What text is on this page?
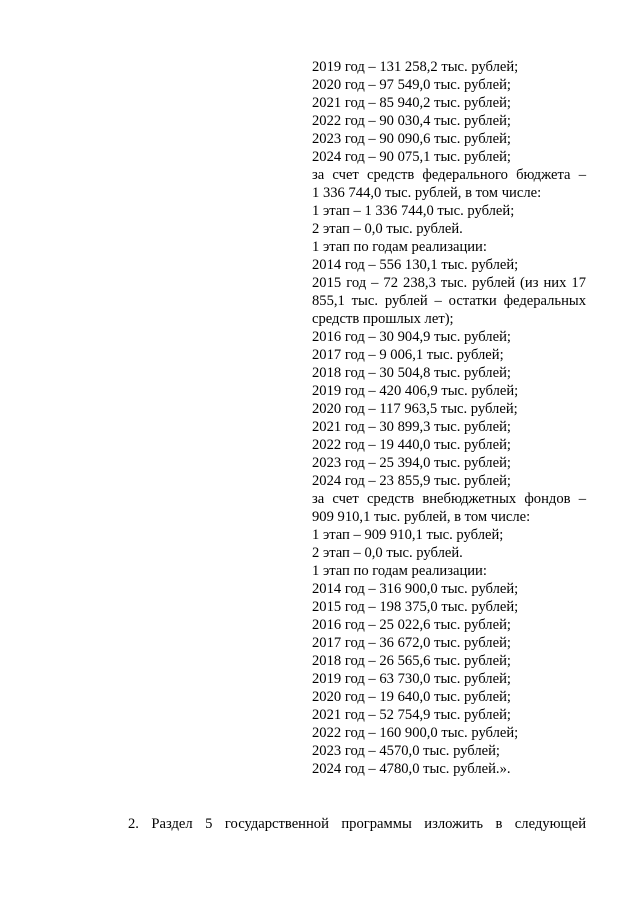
2019 год – 131 258,2 тыс. рублей;
2020 год – 97 549,0 тыс. рублей;
2021 год – 85 940,2 тыс. рублей;
2022 год – 90 030,4 тыс. рублей;
2023 год – 90 090,6 тыс. рублей;
2024 год – 90 075,1 тыс. рублей;
за счет средств федерального бюджета –
1 336 744,0 тыс. рублей, в том числе:
1 этап – 1 336 744,0 тыс. рублей;
2 этап – 0,0 тыс. рублей.
1 этап по годам реализации:
2014 год – 556 130,1 тыс. рублей;
2015 год – 72 238,3 тыс. рублей (из них 17
855,1 тыс. рублей – остатки федеральных
средств прошлых лет);
2016 год – 30 904,9 тыс. рублей;
2017 год – 9 006,1 тыс. рублей;
2018 год – 30 504,8 тыс. рублей;
2019 год – 420 406,9 тыс. рублей;
2020 год – 117 963,5 тыс. рублей;
2021 год – 30 899,3 тыс. рублей;
2022 год – 19 440,0 тыс. рублей;
2023 год – 25 394,0 тыс. рублей;
2024 год – 23 855,9 тыс. рублей;
за счет средств внебюджетных фондов –
909 910,1 тыс. рублей, в том числе:
1 этап – 909 910,1 тыс. рублей;
2 этап – 0,0 тыс. рублей.
1 этап по годам реализации:
2014 год – 316 900,0 тыс. рублей;
2015 год – 198 375,0 тыс. рублей;
2016 год – 25 022,6 тыс. рублей;
2017 год – 36 672,0 тыс. рублей;
2018 год – 26 565,6 тыс. рублей;
2019 год – 63 730,0 тыс. рублей;
2020 год – 19 640,0 тыс. рублей;
2021 год – 52 754,9 тыс. рублей;
2022 год – 160 900,0 тыс. рублей;
2023 год – 4570,0 тыс. рублей;
2024 год – 4780,0 тыс. рублей.».
2. Раздел 5 государственной программы изложить в следующей
